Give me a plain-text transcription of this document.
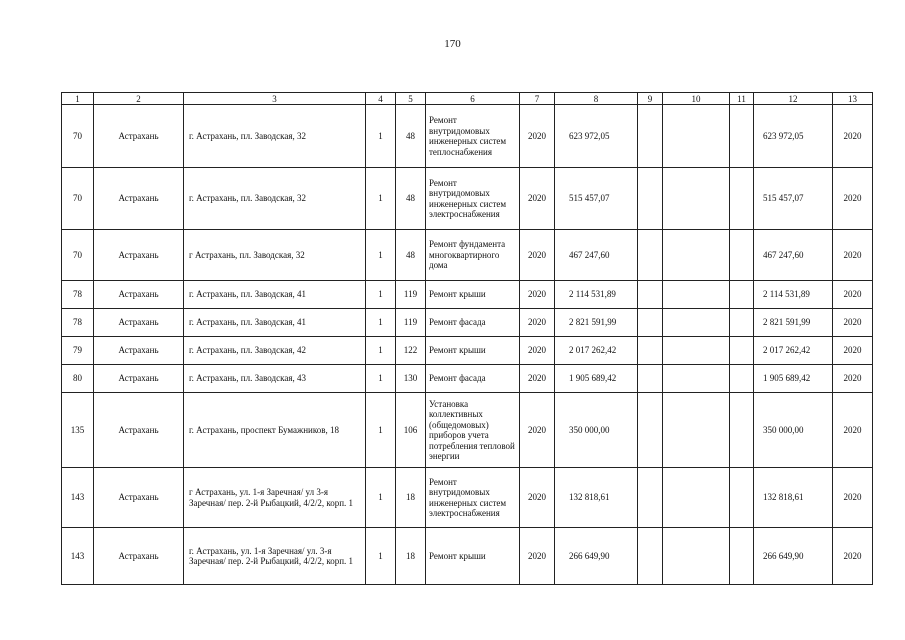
170
1	2	3	4	5	6	7	8	9	10	11	12	13
70	Астрахань	г. Астрахань, пл. Заводская, 32	1	48	Ремонт внутридомовых инженерных систем теплоснабжения	2020	623 972,05				623 972,05	2020
70	Астрахань	г. Астрахань, пл. Заводская, 32	1	48	Ремонт внутридомовых инженерных систем электроснабжения	2020	515 457,07				515 457,07	2020
70	Астрахань	г Астрахань, пл. Заводская, 32	1	48	Ремонт фундамента многоквартирного дома	2020	467 247,60				467 247,60	2020
78	Астрахань	г. Астрахань, пл. Заводская, 41	1	119	Ремонт крыши	2020	2 114 531,89				2 114 531,89	2020
78	Астрахань	г. Астрахань, пл. Заводская, 41	1	119	Ремонт фасада	2020	2 821 591,99				2 821 591,99	2020
79	Астрахань	г. Астрахань, пл. Заводская, 42	1	122	Ремонт крыши	2020	2 017 262,42				2 017 262,42	2020
80	Астрахань	г. Астрахань, пл. Заводская, 43	1	130	Ремонт фасада	2020	1 905 689,42				1 905 689,42	2020
135	Астрахань	г. Астрахань, проспект Бумажников, 18	1	106	Установка коллективных (общедомовых) приборов учета потребления тепловой энергии	2020	350 000,00				350 000,00	2020
143	Астрахань	г Астрахань, ул. 1-я Заречная/ ул 3-я Заречная/ пер. 2-й Рыбацкий, 4/2/2, корп. 1	1	18	Ремонт внутридомовых инженерных систем электроснабжения	2020	132 818,61				132 818,61	2020
143	Астрахань	г. Астрахань, ул. 1-я Заречная/ ул. 3-я Заречная/ пер. 2-й Рыбацкий, 4/2/2, корп. 1	1	18	Ремонт крыши	2020	266 649,90				266 649,90	2020
